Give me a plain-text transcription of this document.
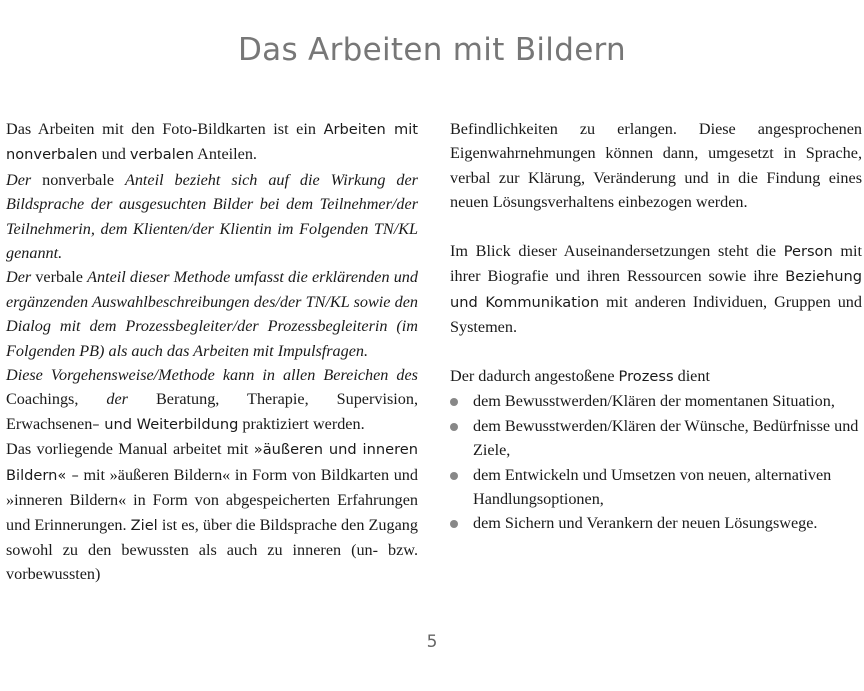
Das Arbeiten mit Bildern

Das Arbeiten mit den Foto-Bildkarten ist ein Arbeiten mit nonverbalen und verbalen Anteilen.

Der nonverbale Anteil bezieht sich auf die Wirkung der Bildsprache der ausgesuchten Bilder bei dem Teilnehmer/der Teilnehmerin, dem Klienten/der Klientin im Folgenden TN/KL genannt.

Der verbale Anteil dieser Methode umfasst die erklärenden und ergänzenden Auswahlbeschreibungen des/der TN/KL sowie den Dialog mit dem Prozessbegleiter/der Prozessbegleiterin (im Folgenden PB) als auch das Arbeiten mit Impulsfragen.

Diese Vorgehensweise/Methode kann in allen Bereichen des Coachings, der Beratung, Therapie, Supervision, Erwachsenen– und Weiterbildung praktiziert werden.

Das vorliegende Manual arbeitet mit »äußeren und inneren Bildern« – mit »äußeren Bildern« in Form von Bildkarten und »inneren Bildern« in Form von abgespeicherten Erfahrungen und Erinnerungen. Ziel ist es, über die Bildsprache den Zugang sowohl zu den bewussten als auch zu inneren (un- bzw. vorbewussten)

Befindlichkeiten zu erlangen. Diese angesprochenen Eigenwahrnehmungen können dann, umgesetzt in Sprache, verbal zur Klärung, Veränderung und in die Findung eines neuen Lösungsverhaltens einbezogen werden.

Im Blick dieser Auseinandersetzungen steht die Person mit ihrer Biografie und ihren Ressourcen sowie ihre Beziehung und Kommunikation mit anderen Individuen, Gruppen und Systemen.

Der dadurch angestoßene Prozess dient

dem Bewusstwerden/Klären der momentanen Situation,
dem Bewusstwerden/Klären der Wünsche, Bedürfnisse und Ziele,
dem Entwickeln und Umsetzen von neuen, alternativen Handlungsoptionen,
dem Sichern und Verankern der neuen Lösungswege.
5
